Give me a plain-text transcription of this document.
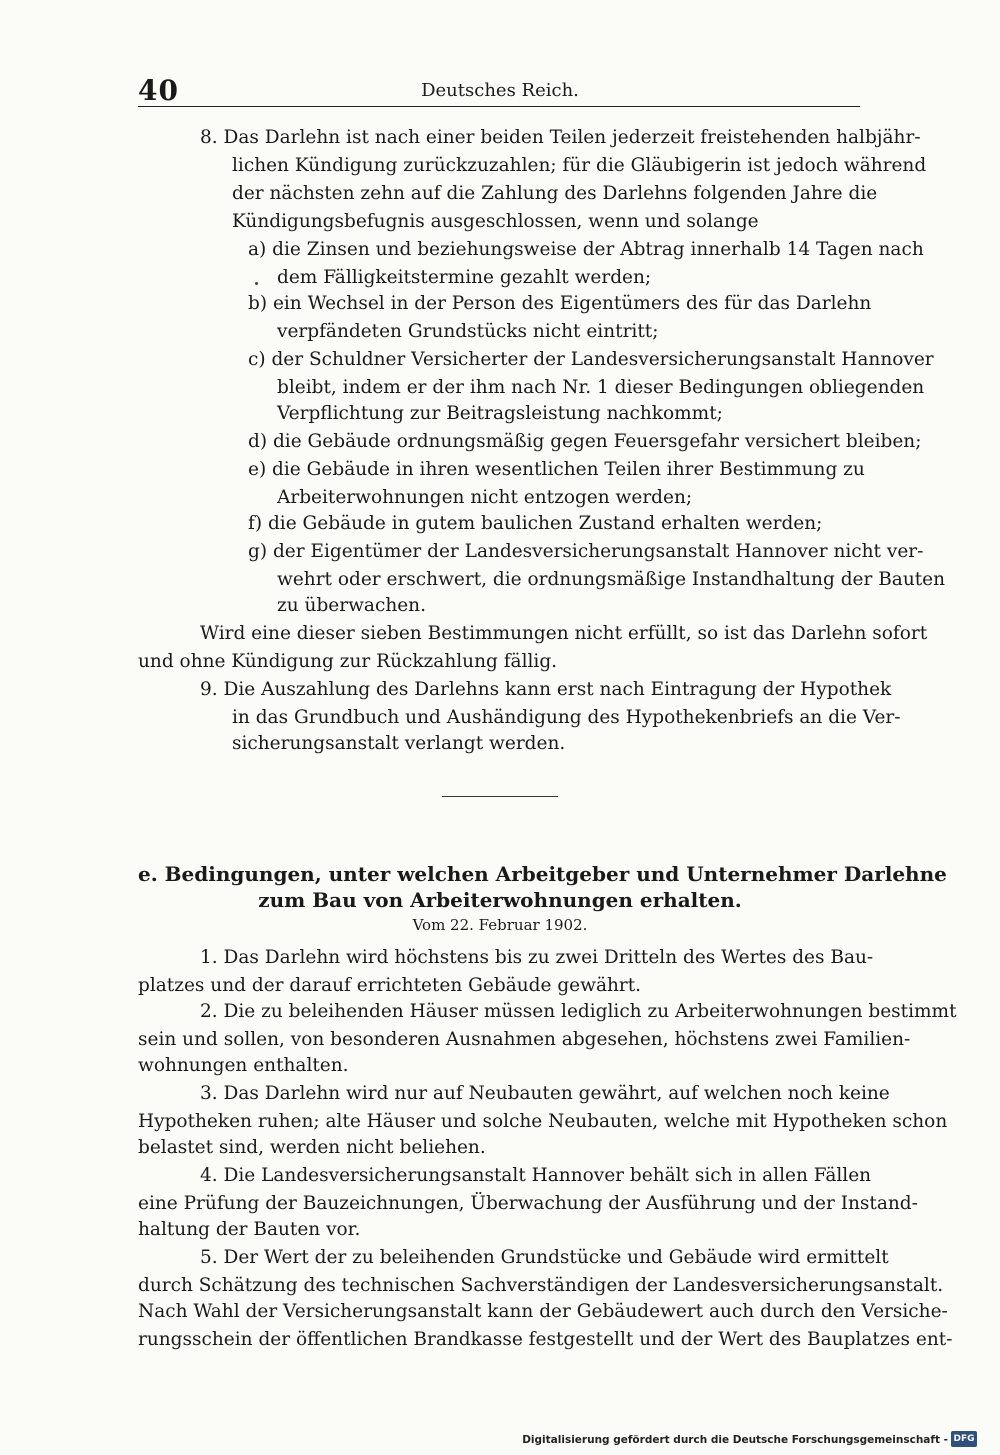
40	Deutsches Reich.
8. Das Darlehn ist nach einer beiden Teilen jederzeit freistehenden halbjähr-
lichen Kündigung zurückzuzahlen; für die Gläubigerin ist jedoch während
der nächsten zehn auf die Zahlung des Darlehns folgenden Jahre die
Kündigungsbefugnis ausgeschlossen, wenn und solange
a) die Zinsen und beziehungsweise der Abtrag innerhalb 14 Tagen nach
dem Fälligkeitstermine gezahlt werden;
b) ein Wechsel in der Person des Eigentümers des für das Darlehn
verpfändeten Grundstücks nicht eintritt;
c) der Schuldner Versicherter der Landesversicherungsanstalt Hannover
bleibt, indem er der ihm nach Nr. 1 dieser Bedingungen obliegenden
Verpflichtung zur Beitragsleistung nachkommt;
d) die Gebäude ordnungsmäßig gegen Feuersgefahr versichert bleiben;
e) die Gebäude in ihren wesentlichen Teilen ihrer Bestimmung zu
Arbeiterwohnungen nicht entzogen werden;
f) die Gebäude in gutem baulichen Zustand erhalten werden;
g) der Eigentümer der Landesversicherungsanstalt Hannover nicht ver-
wehrt oder erschwert, die ordnungsmäßige Instandhaltung der Bauten
zu überwachen.
Wird eine dieser sieben Bestimmungen nicht erfüllt, so ist das Darlehn sofort
und ohne Kündigung zur Rückzahlung fällig.
9. Die Auszahlung des Darlehns kann erst nach Eintragung der Hypothek
in das Grundbuch und Aushändigung des Hypothekenbriefs an die Ver-
sicherungsanstalt verlangt werden.
e. Bedingungen, unter welchen Arbeitgeber und Unternehmer Darlehne
zum Bau von Arbeiterwohnungen erhalten.
Vom 22. Februar 1902.
1. Das Darlehn wird höchstens bis zu zwei Dritteln des Wertes des Bau-
platzes und der darauf errichteten Gebäude gewährt.
2. Die zu beleihenden Häuser müssen lediglich zu Arbeiterwohnungen bestimmt
sein und sollen, von besonderen Ausnahmen abgesehen, höchstens zwei Familien-
wohnungen enthalten.
3. Das Darlehn wird nur auf Neubauten gewährt, auf welchen noch keine
Hypotheken ruhen; alte Häuser und solche Neubauten, welche mit Hypotheken schon
belastet sind, werden nicht beliehen.
4. Die Landesversicherungsanstalt Hannover behält sich in allen Fällen
eine Prüfung der Bauzeichnungen, Überwachung der Ausführung und der Instand-
haltung der Bauten vor.
5. Der Wert der zu beleihenden Grundstücke und Gebäude wird ermittelt
durch Schätzung des technischen Sachverständigen der Landesversicherungsanstalt.
Nach Wahl der Versicherungsanstalt kann der Gebäudewert auch durch den Versiche-
rungsschein der öffentlichen Brandkasse festgestellt und der Wert des Bauplatzes ent-
Digitalisierung gefördert durch die Deutsche Forschungsgemeinschaft - DFG
